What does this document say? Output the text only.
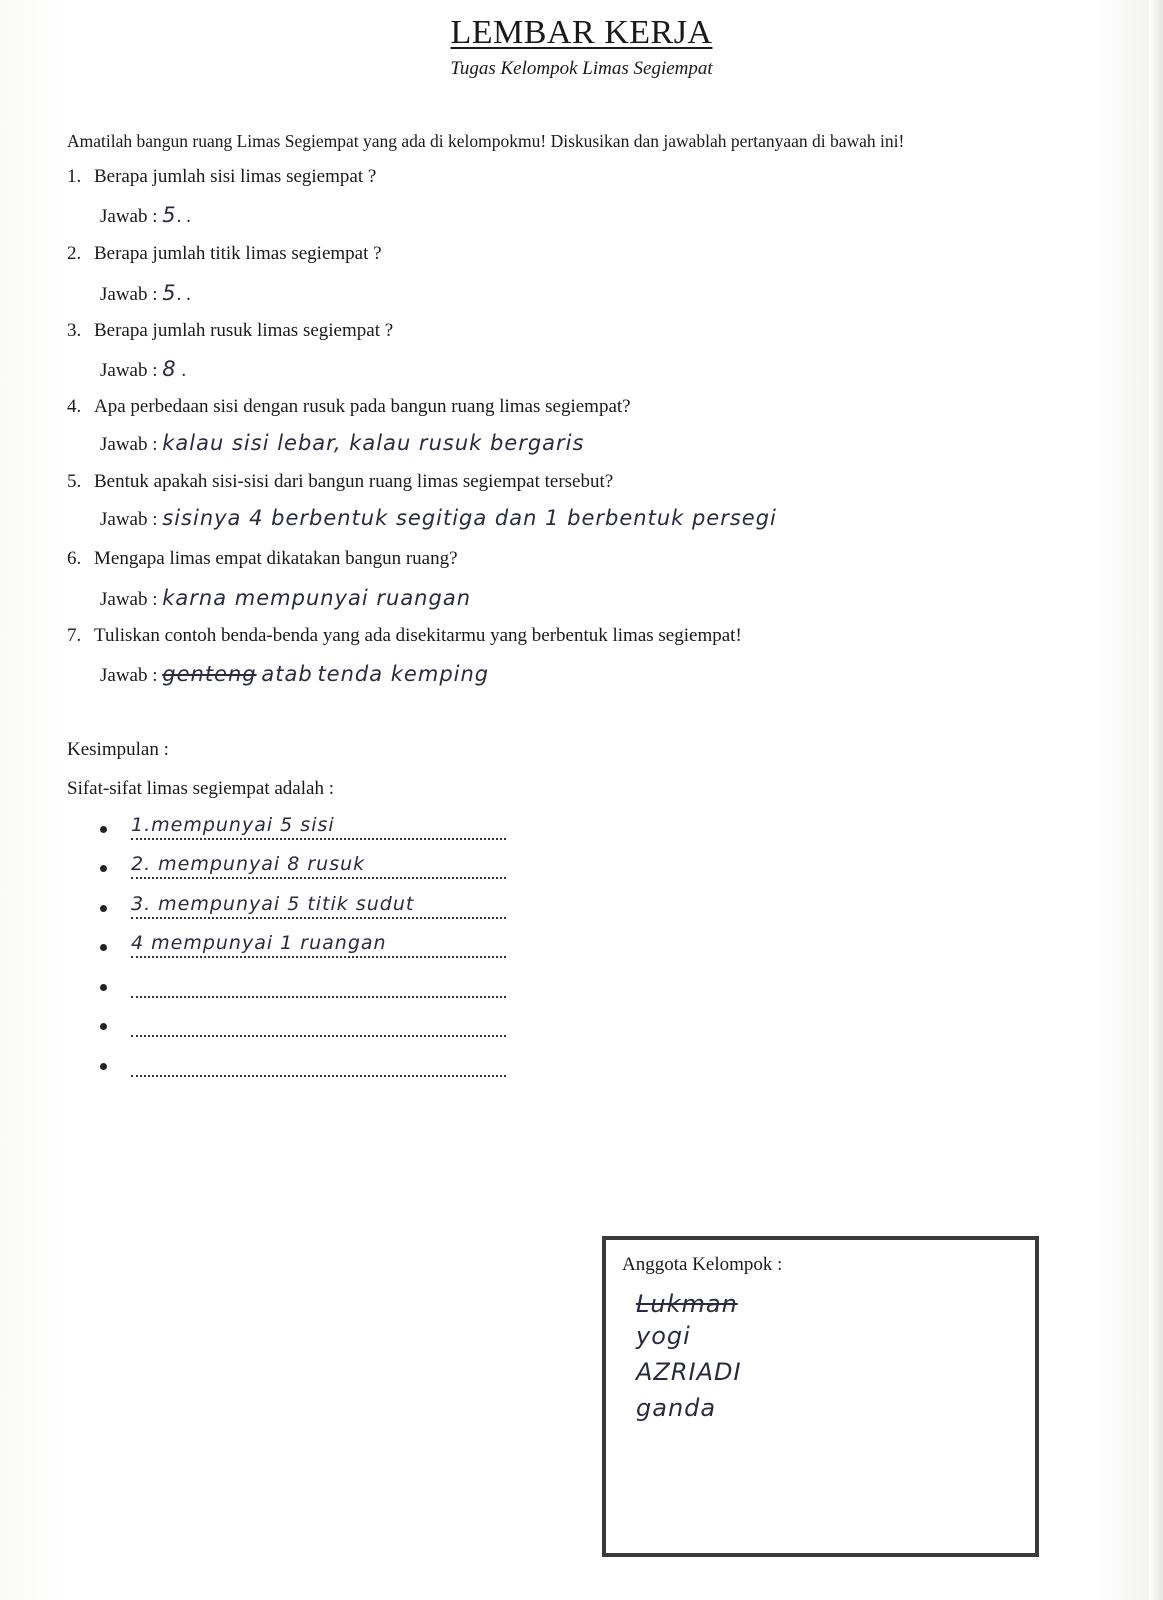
LEMBAR KERJA
Tugas Kelompok Limas Segiempat
Amatilah bangun ruang Limas Segiempat yang ada di kelompokmu! Diskusikan dan jawablah pertanyaan di bawah ini!
1. Berapa jumlah sisi limas segiempat ?
Jawab : 5. .
2. Berapa jumlah titik limas segiempat ?
Jawab : 5. .
3. Berapa jumlah rusuk limas segiempat ?
Jawab : 8 .
4. Apa perbedaan sisi dengan rusuk pada bangun ruang limas segiempat?
Jawab : kalau sisi lebar, kalau rusuk bergaris
5. Bentuk apakah sisi-sisi dari bangun ruang limas segiempat tersebut?
Jawab : sisinya 4 berbentuk segitiga dan 1 berbentuk persegi
6. Mengapa limas empat dikatakan bangun ruang?
Jawab : karna mempunyai ruangan
7. Tuliskan contoh benda-benda yang ada disekitarmu yang berbentuk limas segiempat!
Jawab : genteng atab tenda kemping
Kesimpulan :
Sifat-sifat limas segiempat adalah :
1.mempunyai 5 sisi
2. mempunyai 8 rusuk
3. mempunyai 5 titik sudut
4 mempunyai 1 ruangan
Anggota Kelompok :
Lukman
yogi
AZRIADI
ganda
